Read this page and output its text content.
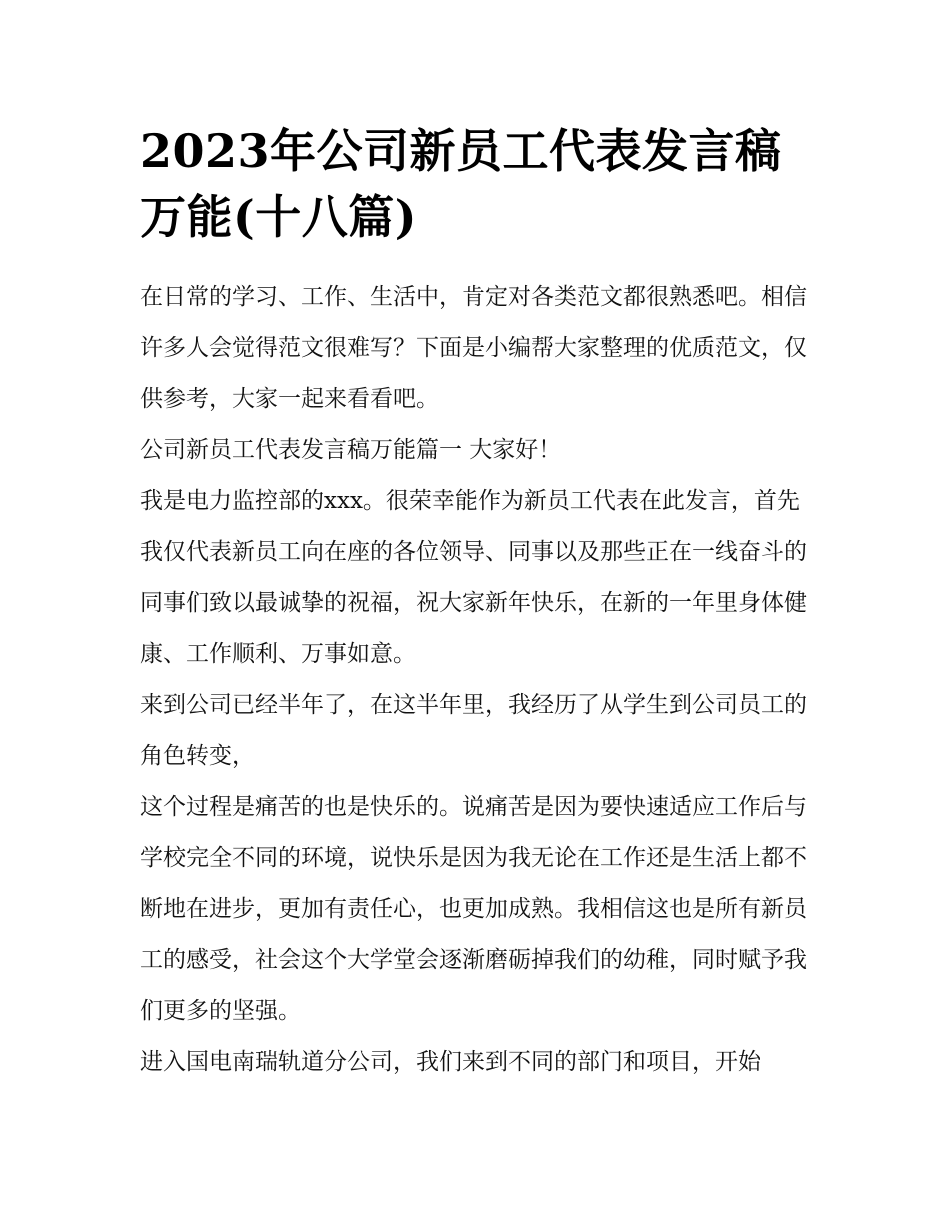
2023年公司新员工代表发言稿
万能(十八篇)

在日常的学习、工作、生活中，肯定对各类范文都很熟悉吧。相信许多人会觉得范文很难写？下面是小编帮大家整理的优质范文，仅供参考，大家一起来看看吧。

公司新员工代表发言稿万能篇一 大家好！

我是电力监控部的xxx。很荣幸能作为新员工代表在此发言，首先我仅代表新员工向在座的各位领导、同事以及那些正在一线奋斗的同事们致以最诚挚的祝福，祝大家新年快乐，在新的一年里身体健康、工作顺利、万事如意。

来到公司已经半年了，在这半年里，我经历了从学生到公司员工的角色转变，

这个过程是痛苦的也是快乐的。说痛苦是因为要快速适应工作后与学校完全不同的环境，说快乐是因为我无论在工作还是生活上都不断地在进步，更加有责任心，也更加成熟。我相信这也是所有新员工的感受，社会这个大学堂会逐渐磨砺掉我们的幼稚，同时赋予我们更多的坚强。

进入国电南瑞轨道分公司，我们来到不同的部门和项目，开始
